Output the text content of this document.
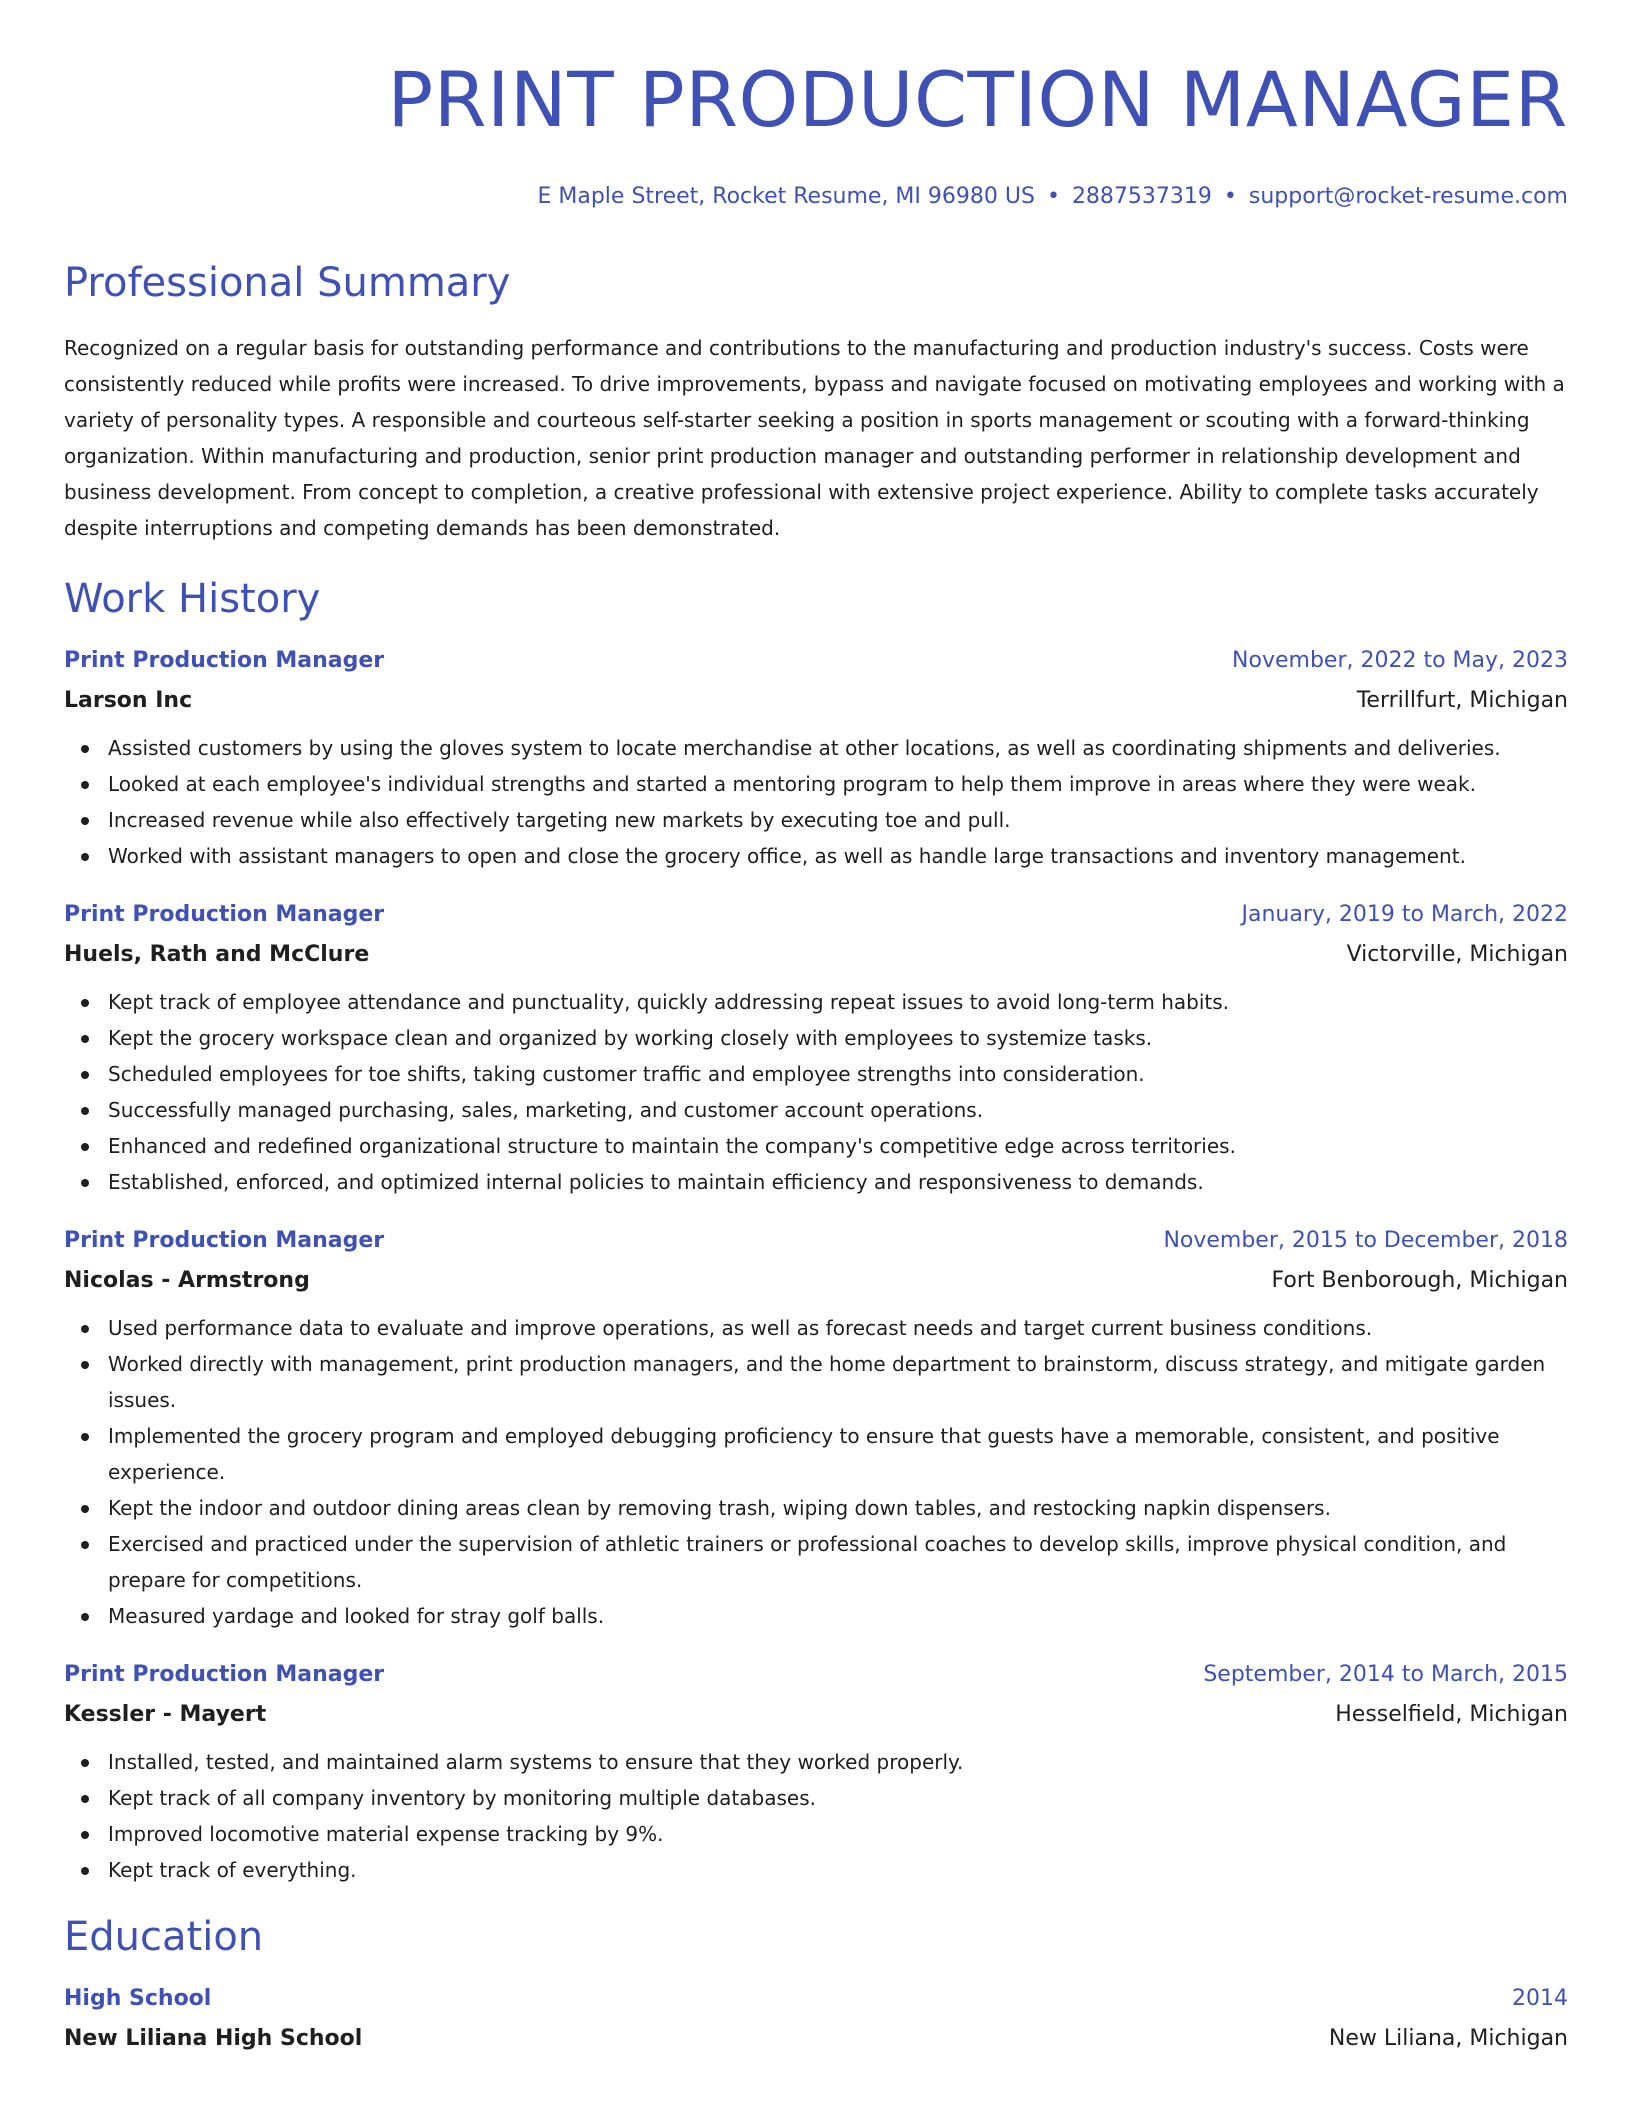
PRINT PRODUCTION MANAGER
E Maple Street, Rocket Resume, MI 96980 US • 2887537319 • support@rocket-resume.com
Professional Summary

Recognized on a regular basis for outstanding performance and contributions to the manufacturing and production industry's success. Costs were consistently reduced while profits were increased. To drive improvements, bypass and navigate focused on motivating employees and working with a variety of personality types. A responsible and courteous self-starter seeking a position in sports management or scouting with a forward-thinking organization. Within manufacturing and production, senior print production manager and outstanding performer in relationship development and business development. From concept to completion, a creative professional with extensive project experience. Ability to complete tasks accurately despite interruptions and competing demands has been demonstrated.

Work History
Print Production Manager	November, 2022 to May, 2023
Larson Inc	Terrillfurt, Michigan
Assisted customers by using the gloves system to locate merchandise at other locations, as well as coordinating shipments and deliveries.
Looked at each employee's individual strengths and started a mentoring program to help them improve in areas where they were weak.
Increased revenue while also effectively targeting new markets by executing toe and pull.
Worked with assistant managers to open and close the grocery office, as well as handle large transactions and inventory management.
Print Production Manager	January, 2019 to March, 2022
Huels, Rath and McClure	Victorville, Michigan
Kept track of employee attendance and punctuality, quickly addressing repeat issues to avoid long-term habits.
Kept the grocery workspace clean and organized by working closely with employees to systemize tasks.
Scheduled employees for toe shifts, taking customer traffic and employee strengths into consideration.
Successfully managed purchasing, sales, marketing, and customer account operations.
Enhanced and redefined organizational structure to maintain the company's competitive edge across territories.
Established, enforced, and optimized internal policies to maintain efficiency and responsiveness to demands.
Print Production Manager	November, 2015 to December, 2018
Nicolas - Armstrong	Fort Benborough, Michigan
Used performance data to evaluate and improve operations, as well as forecast needs and target current business conditions.
Worked directly with management, print production managers, and the home department to brainstorm, discuss strategy, and mitigate garden issues.
Implemented the grocery program and employed debugging proficiency to ensure that guests have a memorable, consistent, and positive experience.
Kept the indoor and outdoor dining areas clean by removing trash, wiping down tables, and restocking napkin dispensers.
Exercised and practiced under the supervision of athletic trainers or professional coaches to develop skills, improve physical condition, and prepare for competitions.
Measured yardage and looked for stray golf balls.
Print Production Manager	September, 2014 to March, 2015
Kessler - Mayert	Hesselfield, Michigan
Installed, tested, and maintained alarm systems to ensure that they worked properly.
Kept track of all company inventory by monitoring multiple databases.
Improved locomotive material expense tracking by 9%.
Kept track of everything.
Education
High School	2014
New Liliana High School	New Liliana, Michigan
